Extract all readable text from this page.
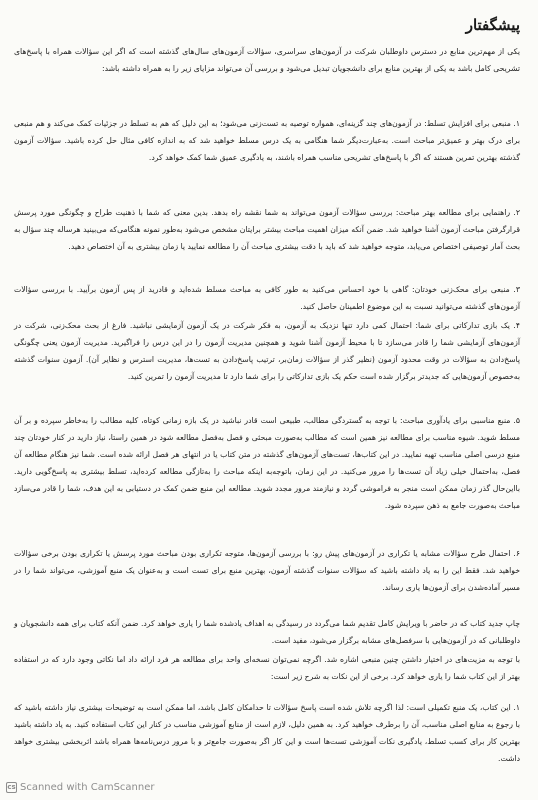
پیشگفتار
یکی از مهم‌ترین منابع در دسترس داوطلبان شرکت در آزمون‌های سراسری، سؤالات آزمون‌های سال‌های گذشته است که اگر این سؤالات همراه با پاسخ‌های تشریحی کامل باشد به یکی از بهترین منابع برای دانشجویان تبدیل می‌شود و بررسی آن می‌تواند مزایای زیر را به همراه داشته باشد:
۱. منبعی برای افزایش تسلط: در آزمون‌های چند گزینه‌ای، همواره توصیه به تست‌زنی می‌شود؛ به این دلیل که هم به تسلط در جزئیات کمک می‌کند و هم منبعی برای درک بهتر و عمیق‌تر مباحث است. به‌عبارت‌دیگر شما هنگامی به یک درس مسلط خواهید شد که به اندازه کافی مثال حل کرده باشید. سؤالات آزمون گذشته بهترین تمرین هستند که اگر با پاسخ‌های تشریحی مناسب همراه باشند، به یادگیری عمیق شما کمک خواهد کرد.
۲. راهنمایی برای مطالعه بهتر مباحث: بررسی سؤالات آزمون می‌تواند به شما نقشه راه بدهد. بدین معنی که شما با ذهنیت طراح و چگونگی مورد پرسش قرارگرفتن مباحث آزمون آشنا خواهید شد. ضمن آنکه میزان اهمیت مباحث بیشتر برایتان مشخص می‌شود به‌طور نمونه هنگامی‌که می‌بینید هرساله چند سؤال به بحث آمار توصیفی اختصاص می‌یابد، متوجه خواهید شد که باید با دقت بیشتری مباحث آن را مطالعه نمایید یا زمان بیشتری به آن اختصاص دهید.
۳. منبعی برای محک‌زنی خودتان: گاهی با خود احساس می‌کنید به طور کافی به مباحث مسلط شده‌اید و قادرید از پس آزمون برآیید. با بررسی سؤالات آزمون‌های گذشته می‌توانید نسبت به این موضوع اطمینان حاصل کنید.
۴. یک بازی تدارکاتی برای شما: احتمال کمی دارد تنها نزدیک به آزمون، به فکر شرکت در یک آزمون آزمایشی نباشید. فارغ از بحث محک‌زنی، شرکت در آزمون‌های آزمایشی شما را قادر می‌سازد تا با محیط آزمون آشنا شوید و همچنین مدیریت آزمون را در این درس را فراگیرید. مدیریت آزمون یعنی چگونگی پاسخ‌دادن به سؤالات در وقت محدود آزمون (نظیر گذر از سؤالات زمان‌بر، ترتیب پاسخ‌دادن به تست‌ها، مدیریت استرس و نظایر آن). آزمون سنوات گذشته به‌خصوص آزمون‌هایی که جدیدتر برگزار شده است حکم یک بازی تدارکاتی را برای شما دارد تا مدیریت آزمون را تمرین کنید.
۵. منبع مناسبی برای یادآوری مباحث: با توجه به گستردگی مطالب، طبیعی است قادر نباشید در یک بازه زمانی کوتاه، کلیه مطالب را به‌خاطر سپرده و بر آن مسلط شوید. شیوه مناسب برای مطالعه نیز همین است که مطالب به‌صورت مبحثی و فصل به‌فصل مطالعه شود در همین راستا، نیاز دارید در کنار خودتان چند منبع درسی اصلی مناسب تهیه نمایید. در این کتاب‌ها، تست‌های آزمون‌های گذشته در متن کتاب یا در انتهای هر فصل ارائه شده است. شما نیز هنگام مطالعه آن فصل، به‌احتمال خیلی زیاد آن تست‌ها را مرور می‌کنید. در این زمان، باتوجه‌به اینکه مباحث را به‌تازگی مطالعه کرده‌اید، تسلط بیشتری به پاسخ‌گویی دارید. بااین‌حال گذر زمان ممکن است منجر به فراموشی گردد و نیازمند مرور مجدد شوید. مطالعه این منبع ضمن کمک در دستیابی به این هدف، شما را قادر می‌سازد مباحث به‌صورت جامع به ذهن سپرده شود.
۶. احتمال طرح سؤالات مشابه یا تکراری در آزمون‌های پیش رو: با بررسی آزمون‌ها، متوجه تکراری بودن مباحث مورد پرسش یا تکراری بودن برخی سؤالات خواهید شد. فقط این را به یاد داشته باشید که سؤالات سنوات گذشته آزمون، بهترین منبع برای تست است و به‌عنوان یک منبع آموزشی، می‌تواند شما را در مسیر آماده‌شدن برای آزمون‌ها یاری رساند.
چاپ جدید کتاب که در حاضر با ویرایش کامل تقدیم شما می‌گردد در رسیدگی به اهداف یادشده شما را یاری خواهد کرد. ضمن آنکه کتاب برای همه دانشجویان و داوطلبانی که در آزمون‌هایی با سرفصل‌های مشابه برگزار می‌شود، مفید است.
با توجه به مزیت‌های در اختیار داشتن چنین منبعی اشاره شد. اگرچه نمی‌توان نسخه‌ای واحد برای مطالعه هر فرد ارائه داد اما نکاتی وجود دارد که در استفاده بهتر از این کتاب شما را یاری خواهد کرد. برخی از این نکات به شرح زیر است:
۱. این کتاب، یک منبع تکمیلی است: لذا اگرچه تلاش شده است پاسخ سؤالات تا حدامکان کامل باشد، اما ممکن است به توضیحات بیشتری نیاز داشته باشید که با رجوع به منابع اصلی مناسب، آن را برطرف خواهید کرد. به همین دلیل، لازم است از منابع آموزشی مناسب در کنار این کتاب استفاده کنید. به یاد داشته باشید بهترین کار برای کسب تسلط، یادگیری نکات آموزشی تست‌ها است و این کار اگر به‌صورت جامع‌تر و با مرور درس‌نامه‌ها همراه باشد اثربخشی بیشتری خواهد داشت.
cs Scanned with CamScanner
